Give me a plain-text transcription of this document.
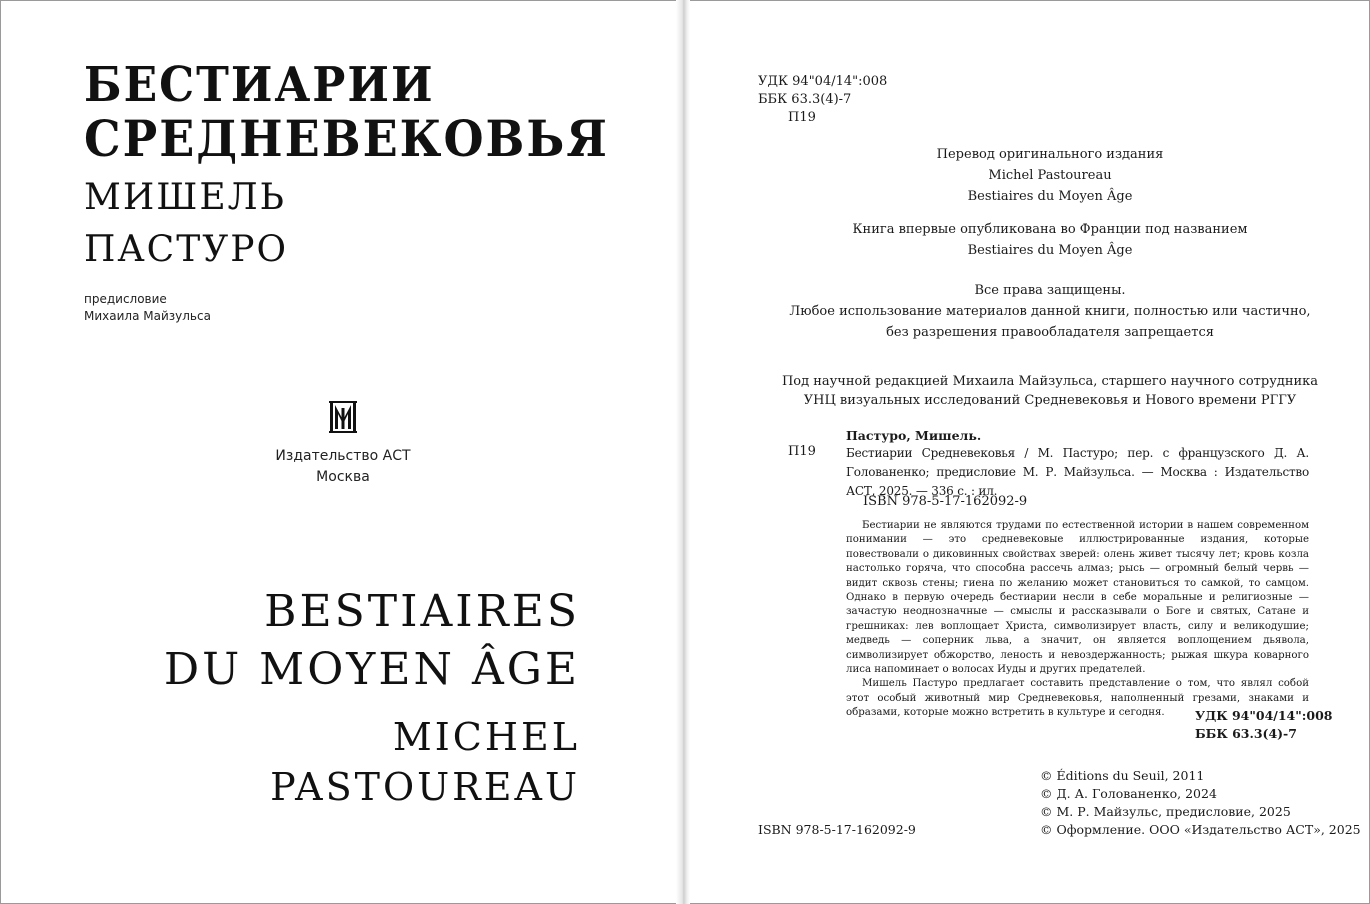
БЕСТИАРИИ
СРЕДНЕВЕКОВЬЯ
МИШЕЛЬ
ПАСТУРО
предисловие
Михаила Майзульса
Издательство АСТ
Москва
BESTIAIRES
DU MOYEN ÂGE
MICHEL
PASTOUREAU
УДК 94"04/14":008
ББК 63.3(4)-7
П19
Перевод оригинального издания
Michel Pastoureau
Bestiaires du Moyen Âge
Книга впервые опубликована во Франции под названием
Bestiaires du Moyen Âge
Все права защищены.
Любое использование материалов данной книги, полностью или частично,
без разрешения правообладателя запрещается
Под научной редакцией Михаила Майзульса, старшего научного сотрудника
УНЦ визуальных исследований Средневековья и Нового времени РГГУ
Пастуро, Мишель.
П19	Бестиарии Средневековья / М. Пастуро; пер. с французского Д. А. Голованенко; предисловие М. Р. Майзульса. — Москва : Издательство АСТ, 2025. — 336 с. : ил.
ISBN 978-5-17-162092-9

Бестиарии не являются трудами по естественной истории в нашем современном понимании — это средневековые иллюстрированные издания, которые повествовали о диковинных свойствах зверей: олень живет тысячу лет; кровь козла настолько горяча, что способна рассечь алмаз; рысь — огромный белый червь — видит сквозь стены; гиена по желанию может становиться то самкой, то самцом. Однако в первую очередь бестиарии несли в себе моральные и религиозные — зачастую неоднозначные — смыслы и рассказывали о Боге и святых, Сатане и грешниках: лев воплощает Христа, символизирует власть, силу и великодушие; медведь — соперник льва, а значит, он является воплощением дьявола, символизирует обжорство, леность и невоздержанность; рыжая шкура коварного лиса напоминает о волосах Иуды и других предателей.

Мишель Пастуро предлагает составить представление о том, что являл собой этот особый животный мир Средневековья, наполненный грезами, знаками и образами, которые можно встретить в культуре и сегодня.	УДК 94"04/14":008
ББК 63.3(4)-7
© Éditions du Seuil, 2011
© Д. А. Голованенко, 2024
© М. Р. Майзульс, предисловие, 2025
© Оформление. ООО «Издательство АСТ», 2025
ISBN 978-5-17-162092-9
